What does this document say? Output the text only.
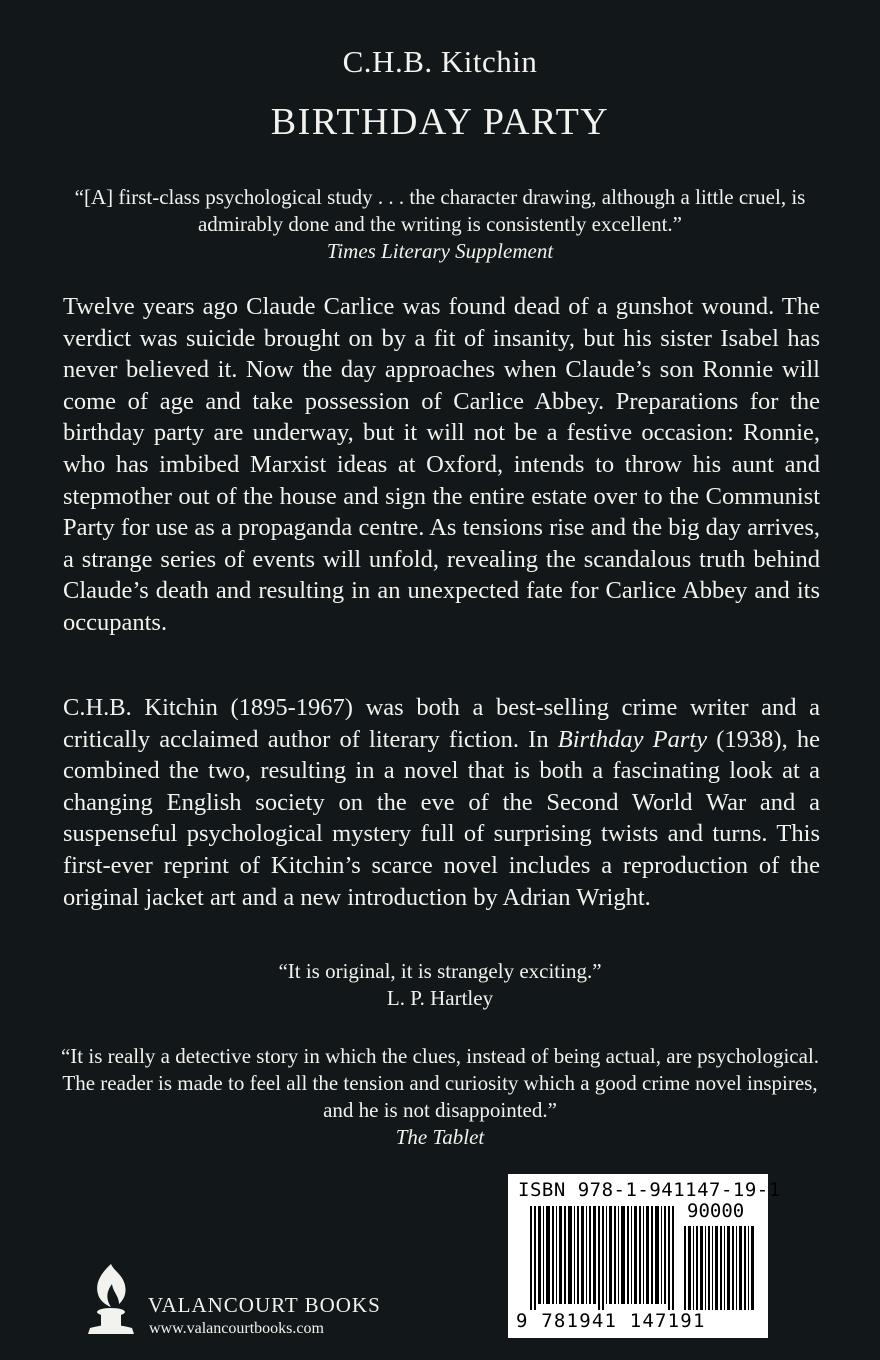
C.H.B. Kitchin
BIRTHDAY PARTY
“[A] first-class psychological study . . . the character drawing, although a little cruel, is admirably done and the writing is consistently excellent.”
Times Literary Supplement
Twelve years ago Claude Carlice was found dead of a gunshot wound. The verdict was suicide brought on by a fit of insanity, but his sister Isabel has never believed it. Now the day approaches when Claude’s son Ronnie will come of age and take possession of Carlice Abbey. Preparations for the birthday party are underway, but it will not be a festive occasion: Ronnie, who has imbibed Marxist ideas at Oxford, intends to throw his aunt and stepmother out of the house and sign the entire estate over to the Communist Party for use as a propaganda centre. As tensions rise and the big day arrives, a strange series of events will unfold, revealing the scandalous truth behind Claude’s death and resulting in an unexpected fate for Carlice Abbey and its occupants.
C.H.B. Kitchin (1895-1967) was both a best-selling crime writer and a critically acclaimed author of literary fiction. In Birthday Party (1938), he combined the two, resulting in a novel that is both a fascinating look at a changing English society on the eve of the Second World War and a suspenseful psychological mystery full of surprising twists and turns. This first-ever reprint of Kitchin’s scarce novel includes a reproduction of the original jacket art and a new introduction by Adrian Wright.
“It is original, it is strangely exciting.”
L. P. Hartley
“It is really a detective story in which the clues, instead of being actual, are psychological. The reader is made to feel all the tension and curiosity which a good crime novel inspires, and he is not disappointed.”
The Tablet
VALANCOURT BOOKS
www.valancourtbooks.com
ISBN 978-1-941147-19-1
90000
9 781941 147191
